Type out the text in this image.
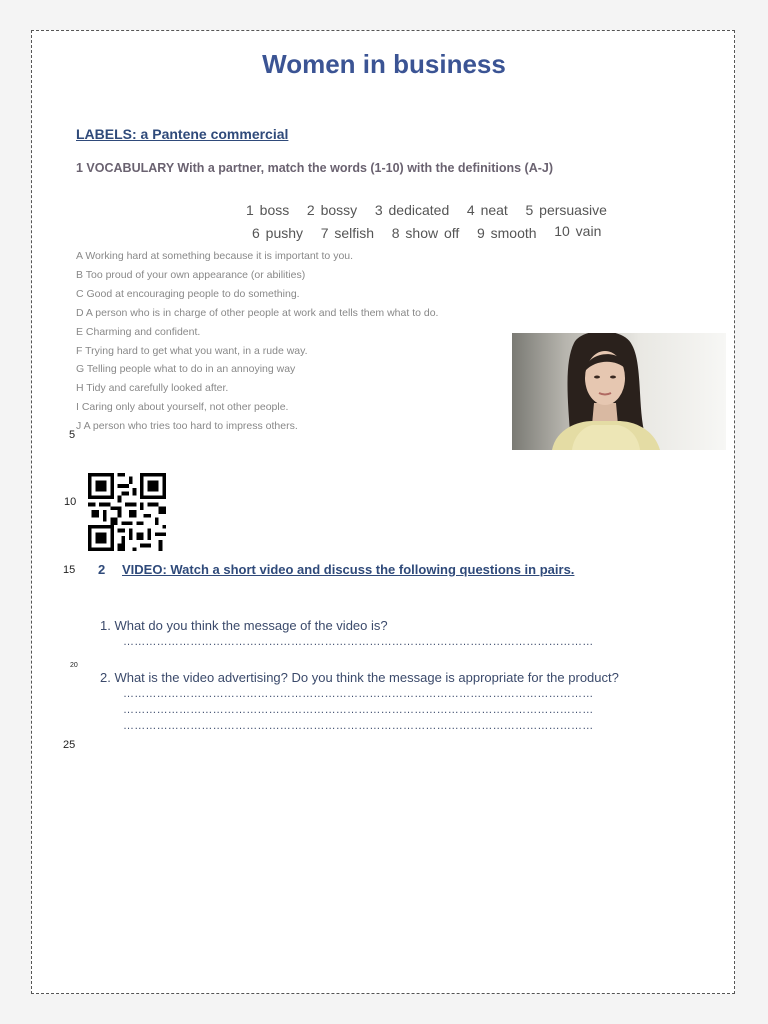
Women in business
LABELS: a Pantene commercial
1 VOCABULARY With a partner, match the words (1-10) with the definitions (A-J)
1 boss   2 bossy   3 dedicated   4 neat   5 persuasive
6 pushy   7 selfish   8 show off   9 smooth 10 vain
A Working hard at something because it is important to you.
B Too proud of your own appearance (or abilities)
C Good at encouraging people to do something.
D A person who is in charge of other people at work and tells them what to do.
E Charming and confident.
F Trying hard to get what you want, in a rude way.
G Telling people what to do in an annoying way
H Tidy and carefully looked after.
I Caring only about yourself, not other people.
J A person who tries too hard to impress others.
5
10
15 2 VIDEO: Watch a short video and discuss the following questions in pairs.
1. What do you think the message of the video is?
………………………………………………………………………………………………………………
20
2. What is the video advertising? Do you think the message is appropriate for the product?
………………………………………………………………………………………………………………
………………………………………………………………………………………………………………
………………………………………………………………………………………………………………
25
